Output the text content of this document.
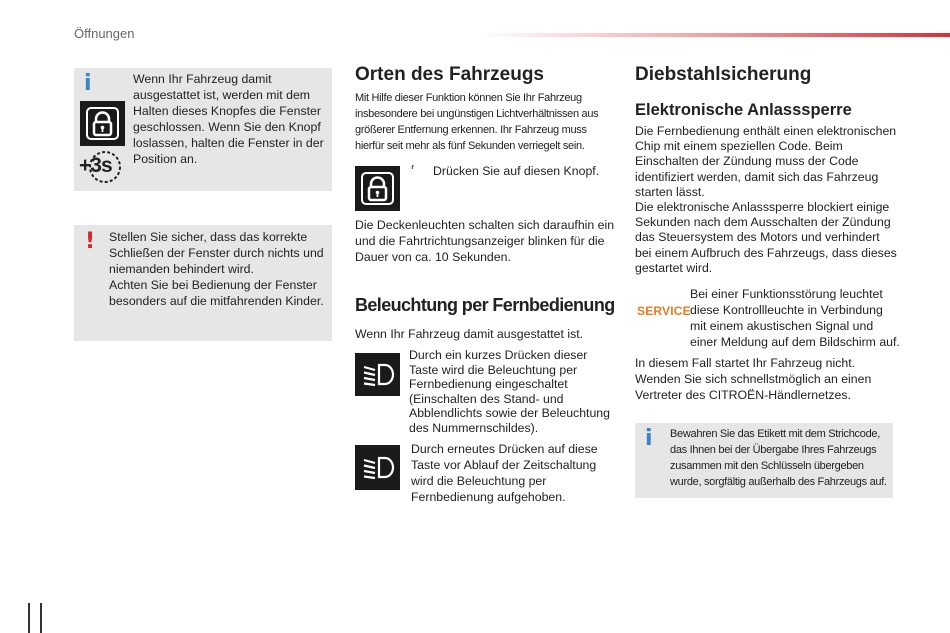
Öffnungen
i
+3s
Wenn Ihr Fahrzeug damit ausgestattet ist, werden mit dem Halten dieses Knopfes die Fenster geschlossen. Wenn Sie den Knopf loslassen, halten die Fenster in der Position an.
! Stellen Sie sicher, dass das korrekte Schließen der Fenster durch nichts und niemanden behindert wird.
Achten Sie bei Bedienung der Fenster besonders auf die mitfahrenden Kinder.
Orten des Fahrzeugs
Mit Hilfe dieser Funktion können Sie Ihr Fahrzeug insbesondere bei ungünstigen Lichtverhältnissen aus größerer Entfernung erkennen. Ihr Fahrzeug muss hierfür seit mehr als fünf Sekunden verriegelt sein.
⸢ Drücken Sie auf diesen Knopf.
Die Deckenleuchten schalten sich daraufhin ein und die Fahrtrichtungsanzeiger blinken für die Dauer von ca. 10 Sekunden.
Beleuchtung per Fernbedienung
Wenn Ihr Fahrzeug damit ausgestattet ist.
Durch ein kurzes Drücken dieser Taste wird die Beleuchtung per Fernbedienung eingeschaltet (Einschalten des Stand- und Abblendlichts sowie der Beleuchtung des Nummernschildes).
Durch erneutes Drücken auf diese Taste vor Ablauf der Zeitschaltung wird die Beleuchtung per Fernbedienung aufgehoben.
Diebstahlsicherung
Elektronische Anlasssperre
Die Fernbedienung enthält einen elektronischen Chip mit einem speziellen Code. Beim Einschalten der Zündung muss der Code identifiziert werden, damit sich das Fahrzeug starten lässt.
Die elektronische Anlasssperre blockiert einige Sekunden nach dem Ausschalten der Zündung das Steuersystem des Motors und verhindert bei einem Aufbruch des Fahrzeugs, dass dieses gestartet wird.
SERVICE
Bei einer Funktionsstörung leuchtet diese Kontrollleuchte in Verbindung mit einem akustischen Signal und einer Meldung auf dem Bildschirm auf.
In diesem Fall startet Ihr Fahrzeug nicht. Wenden Sie sich schnellstmöglich an einen Vertreter des CITROËN-Händlernetzes.
i Bewahren Sie das Etikett mit dem Strichcode, das Ihnen bei der Übergabe Ihres Fahrzeugs zusammen mit den Schlüsseln übergeben wurde, sorgfältig außerhalb des Fahrzeugs auf.
